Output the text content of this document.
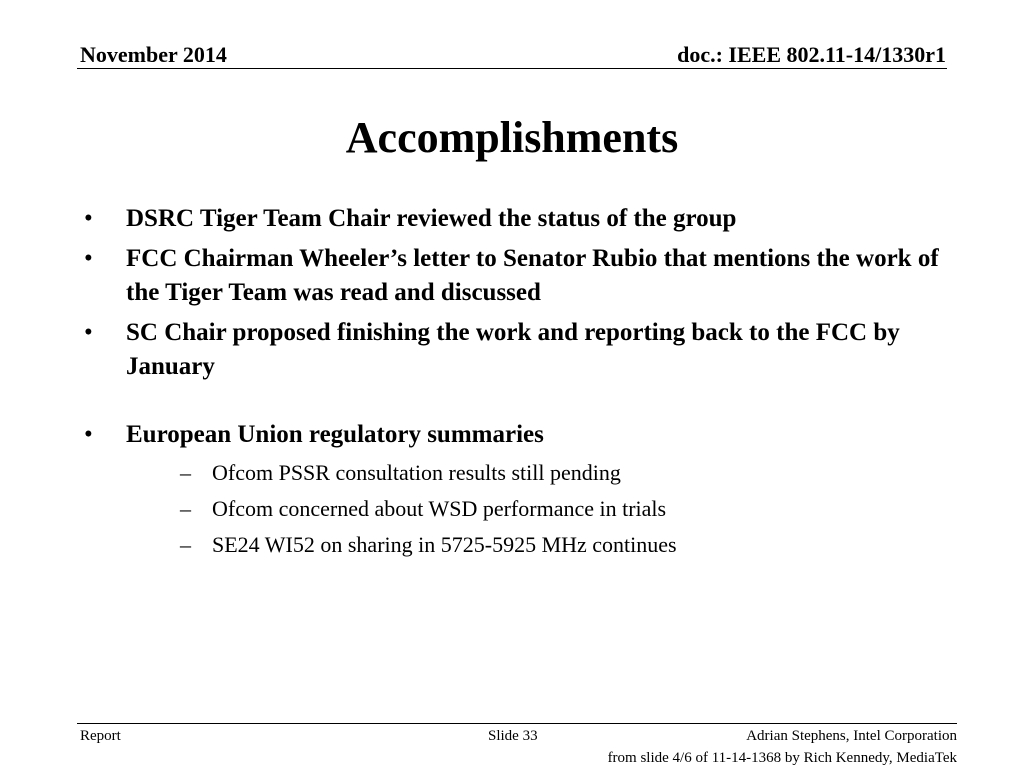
November 2014	doc.: IEEE 802.11-14/1330r1
Accomplishments
• DSRC Tiger Team Chair reviewed the status of the group
• FCC Chairman Wheeler’s letter to Senator Rubio that mentions the work of the Tiger Team was read and discussed
• SC Chair proposed finishing the work and reporting back to the FCC by January
• European Union regulatory summaries
– Ofcom PSSR consultation results still pending
– Ofcom concerned about WSD performance in trials
– SE24 WI52 on sharing in 5725-5925 MHz continues
Report	Slide 33	Adrian Stephens, Intel Corporation
from slide 4/6 of 11-14-1368 by Rich Kennedy, MediaTek
